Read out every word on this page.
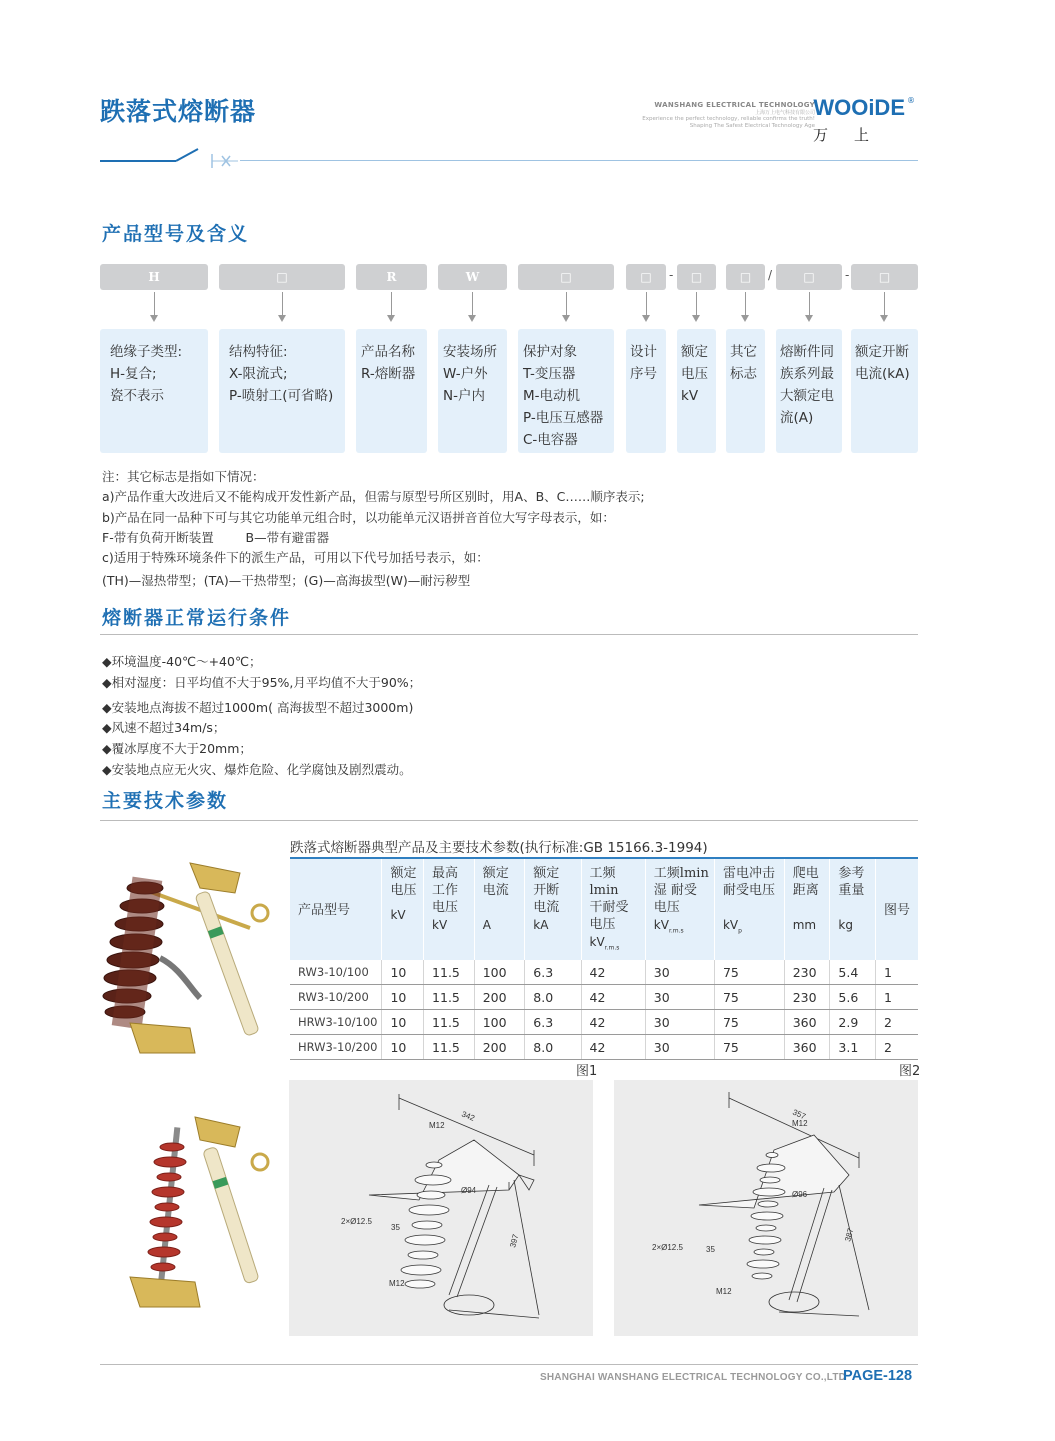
跌落式熔断器	WANSHANG ELECTRICAL TECHNOLOGY
上海万上电气科技有限公司
Experience the perfect technology, reliable confirms the truth!
Shaping The Safest Electrical Technology Age
WOOiDE ®
万上
产品型号及含义
H	□	R	W	□	□	-	□	□	/	□	-	□
绝缘子类型:
H-复合;
瓷不表示
结构特征:
X-限流式;
P-喷射工(可省略)
产品名称
R-熔断器
安装场所
W-户外
N-户内
保护对象
T-变压器
M-电动机
P-电压互感器
C-电容器
设计
序号
额定
电压
kV
其它
标志
熔断件同
族系列最
大额定电
流(A)
额定开断
电流(kA)
注：其它标志是指如下情况：
a)产品作重大改进后又不能构成开发性新产品，但需与原型号所区别时，用A、B、C……顺序表示;
b)产品在同一品种下可与其它功能单元组合时，以功能单元汉语拼音首位大写字母表示，如：
F-带有负荷开断装置        B—带有避雷器
c)适用于特殊环境条件下的派生产品，可用以下代号加括号表示，如：
(TH)—湿热带型；(TA)—干热带型；(G)—高海拔型(W)—耐污秽型
熔断器正常运行条件
◆环境温度-40℃～+40℃；
◆相对湿度：日平均值不大于95%,月平均值不大于90%；
◆安装地点海拔不超过1000m( 高海拔型不超过3000m)
◆风速不超过34m/s；
◆覆冰厚度不大于20mm；
◆安装地点应无火灾、爆炸危险、化学腐蚀及剧烈震动。
主要技术参数
跌落式熔断器典型产品及主要技术参数(执行标准:GB 15166.3-1994)
产品型号	额定
电压
kV	最高
工作
电压
kV	额定
电流
A	额定
开断
电流
kA	工频lmin
干耐受
电压
$kV_{r.m.s}$	工频lmin
湿 耐受
电压
$kV_{r.m.s}$	雷电冲击
耐受电压
$kV_p$	爬电
距离
mm	参考
重量
kg	图号
RW3-10/100	10	11.5	100	6.3	42	30	75	230	5.4	1
RW3-10/200	10	11.5	200	8.0	42	30	75	230	5.6	1
HRW3-10/100	10	11.5	100	6.3	42	30	75	360	2.9	2
HRW3-10/200	10	11.5	200	8.0	42	30	75	360	3.1	2
图1	图2
342
M12
Ø94
2×Ø12.5
35
397
M12
357
M12
Ø96
2×Ø12.5	35
387
M12
SHANGHAI WANSHANG ELECTRICAL TECHNOLOGY CO.,LTD
PAGE-128
